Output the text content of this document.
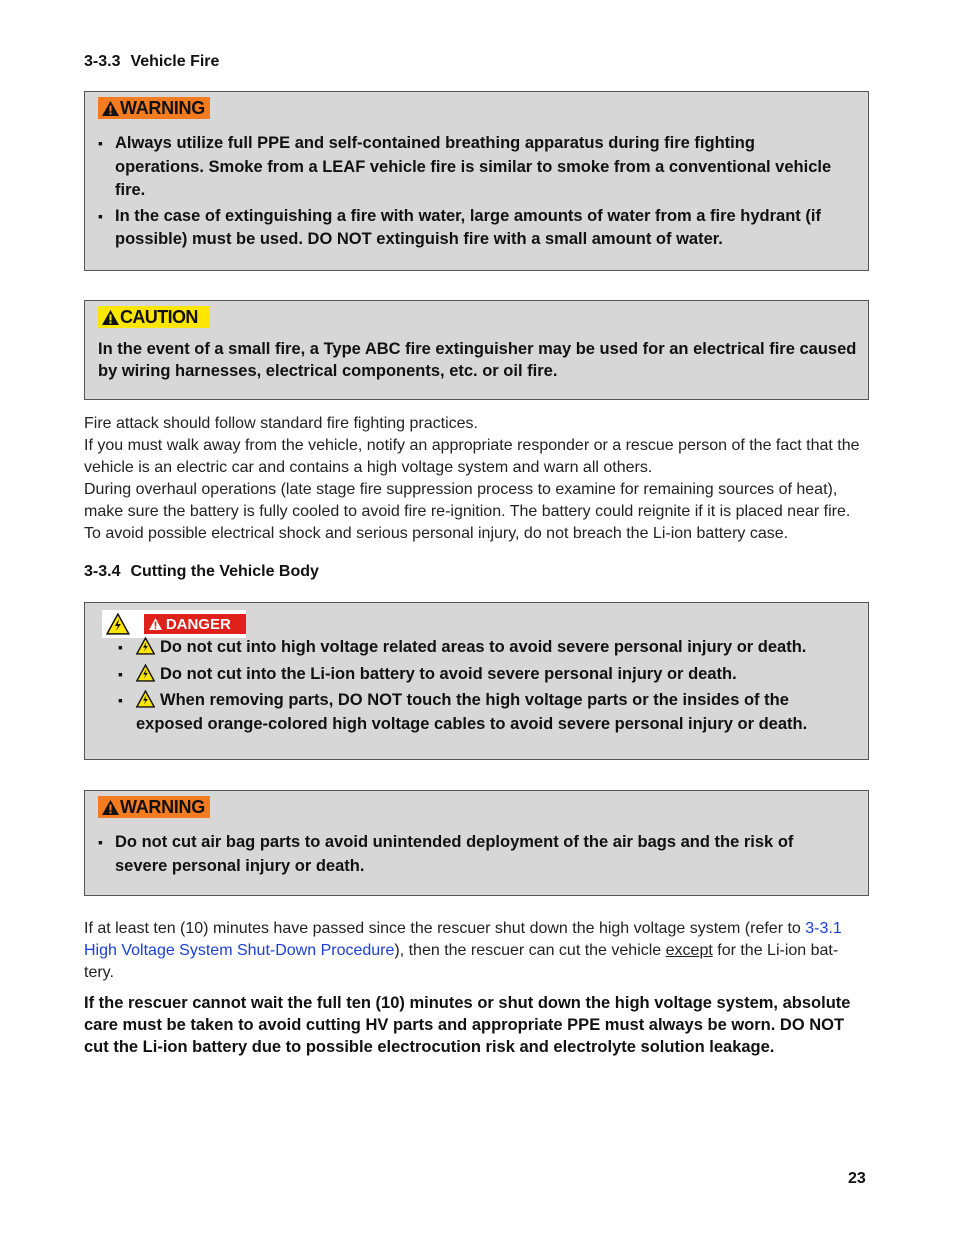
3-3.3 Vehicle Fire
WARNING
▪ Always utilize full PPE and self-contained breathing apparatus during fire fighting operations. Smoke from a LEAF vehicle fire is similar to smoke from a conventional vehicle fire.
▪ In the case of extinguishing a fire with water, large amounts of water from a fire hydrant (if possible) must be used. DO NOT extinguish fire with a small amount of water.
CAUTION
In the event of a small fire, a Type ABC fire extinguisher may be used for an electrical fire caused by wiring harnesses, electrical components, etc. or oil fire.

Fire attack should follow standard fire fighting practices.

If you must walk away from the vehicle, notify an appropriate responder or a rescue person of the fact that the vehicle is an electric car and contains a high voltage system and warn all others.

During overhaul operations (late stage fire suppression process to examine for remaining sources of heat), make sure the battery is fully cooled to avoid fire re-ignition. The battery could reignite if it is placed near fire.

To avoid possible electrical shock and serious personal injury, do not breach the Li-ion battery case.

3-3.4 Cutting the Vehicle Body
DANGER
▪ Do not cut into high voltage related areas to avoid severe personal injury or death.
▪ Do not cut into the Li-ion battery to avoid severe personal injury or death.
▪ When removing parts, DO NOT touch the high voltage parts or the insides of the exposed orange-colored high voltage cables to avoid severe personal injury or death.
WARNING
▪ Do not cut air bag parts to avoid unintended deployment of the air bags and the risk of severe personal injury or death.
If at least ten (10) minutes have passed since the rescuer shut down the high voltage system (refer to 3-3.1 High Voltage System Shut-Down Procedure), then the rescuer can cut the vehicle except for the Li-ion bat-tery.
If the rescuer cannot wait the full ten (10) minutes or shut down the high voltage system, absolute care must be taken to avoid cutting HV parts and appropriate PPE must always be worn. DO NOT cut the Li-ion battery due to possible electrocution risk and electrolyte solution leakage.
23
